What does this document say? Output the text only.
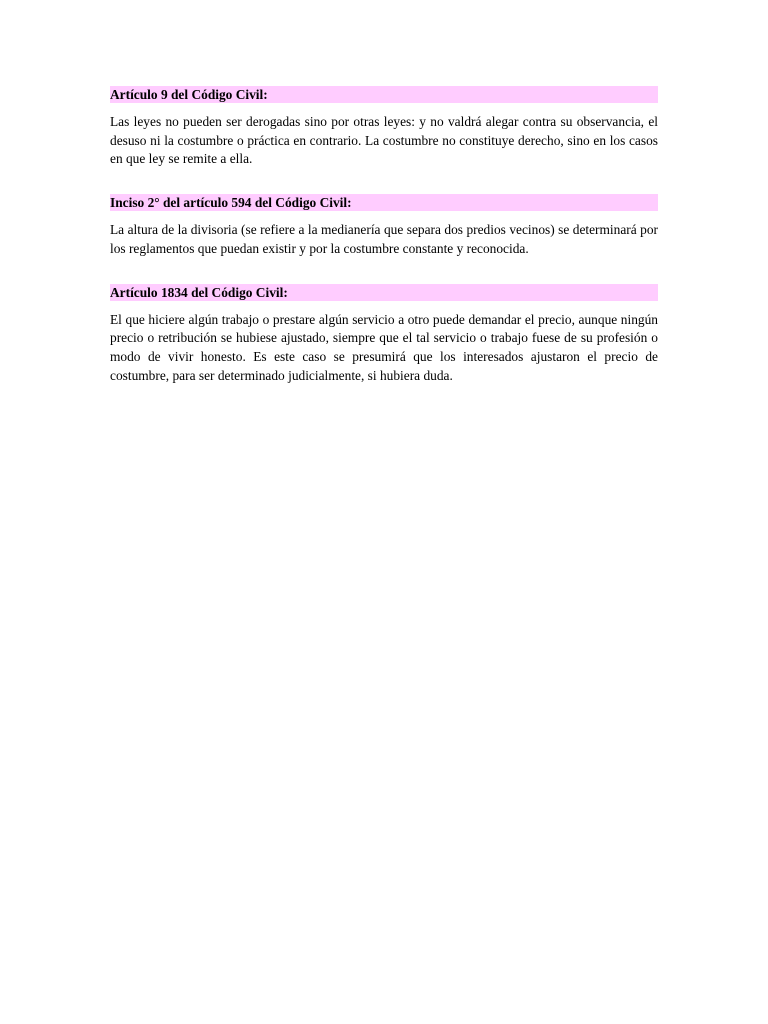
Artículo 9 del Código Civil:

Las leyes no pueden ser derogadas sino por otras leyes: y no valdrá alegar contra su observancia, el desuso ni la costumbre o práctica en contrario. La costumbre no constituye derecho, sino en los casos en que ley se remite a ella.

Inciso 2° del artículo 594 del Código Civil:

La altura de la divisoria (se refiere a la medianería que separa dos predios vecinos) se determinará por los reglamentos que puedan existir y por la costumbre constante y reconocida.

Artículo 1834 del Código Civil:

El que hiciere algún trabajo o prestare algún servicio a otro puede demandar el precio, aunque ningún precio o retribución se hubiese ajustado, siempre que el tal servicio o trabajo fuese de su profesión o modo de vivir honesto. Es este caso se presumirá que los interesados ajustaron el precio de costumbre, para ser determinado judicialmente, si hubiera duda.
